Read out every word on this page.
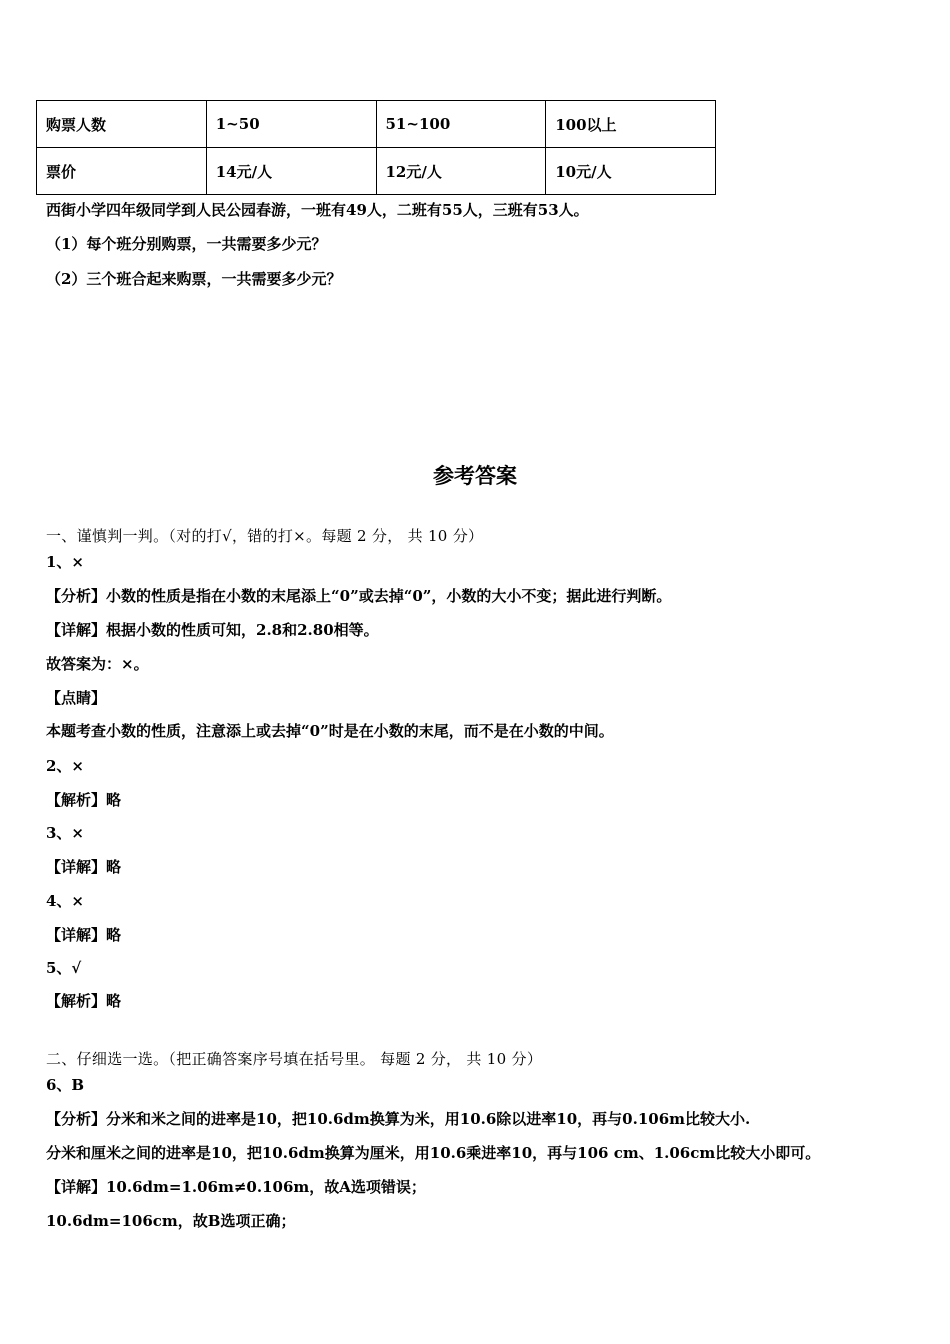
购票人数	1~50	51~100	100以上
票价	14元/人	12元/人	10元/人
西街小学四年级同学到人民公园春游，一班有49人，二班有55人，三班有53人。
（1）每个班分别购票，一共需要多少元？
（2）三个班合起来购票，一共需要多少元？
参考答案
一、谨慎判一判。（对的打√，错的打×。每题 2 分， 共 10 分）
1、×
【分析】小数的性质是指在小数的末尾添上“0”或去掉“0”，小数的大小不变；据此进行判断。
【详解】根据小数的性质可知，2.8和2.80相等。
故答案为：×。
【点睛】
本题考查小数的性质，注意添上或去掉“0”时是在小数的末尾，而不是在小数的中间。
2、×
【解析】略
3、×
【详解】略
4、×
【详解】略
5、√
【解析】略
二、仔细选一选。（把正确答案序号填在括号里。 每题 2 分， 共 10 分）
6、B
【分析】分米和米之间的进率是10，把10.6dm换算为米，用10.6除以进率10，再与0.106m比较大小.
分米和厘米之间的进率是10，把10.6dm换算为厘米，用10.6乘进率10，再与106 cm、1.06cm比较大小即可。
【详解】10.6dm=1.06m≠0.106m，故A选项错误；
10.6dm=106cm，故B选项正确；
